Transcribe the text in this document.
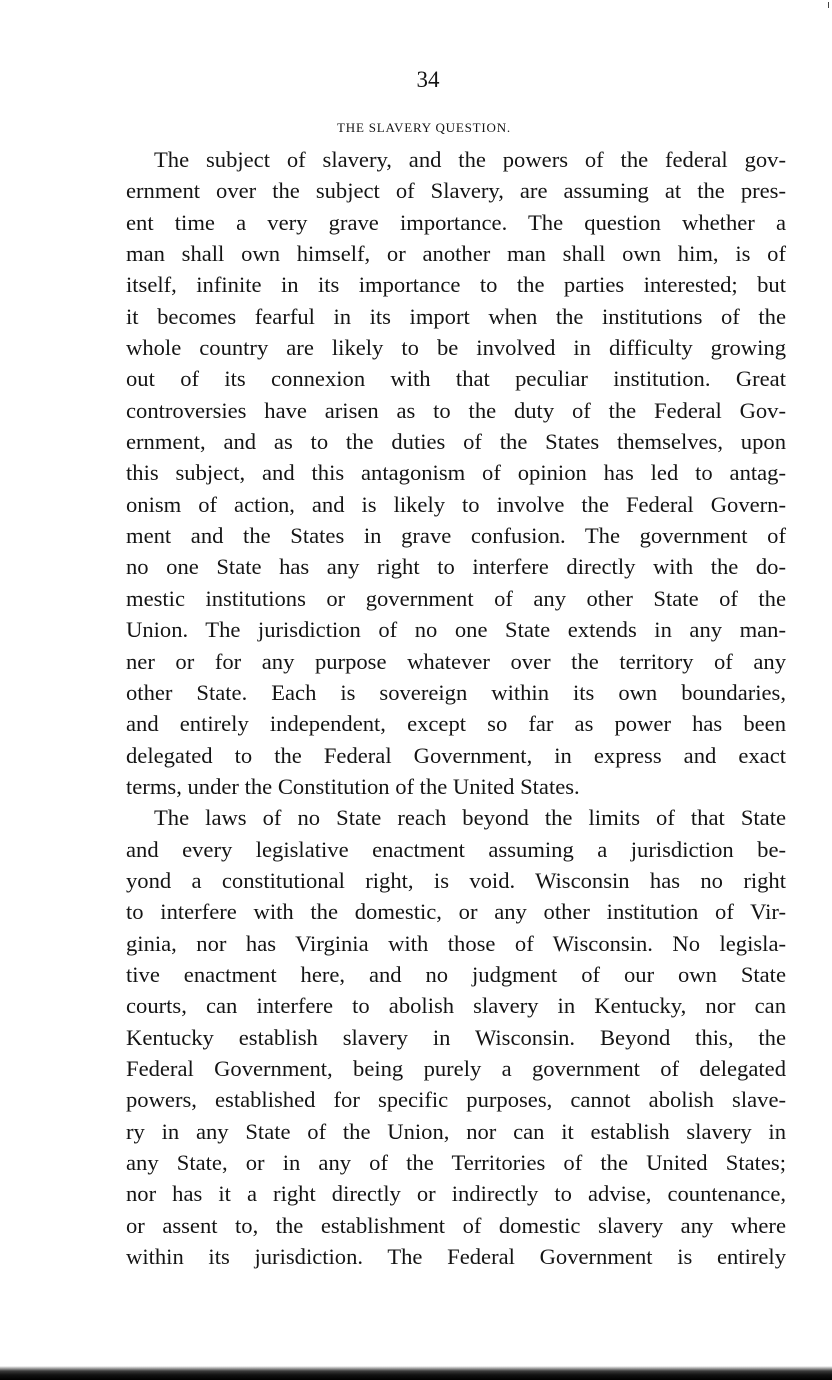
34
THE SLAVERY QUESTION.
The subject of slavery, and the powers of the federal gov-
ernment over the subject of Slavery, are assuming at the pres-
ent time a very grave importance. The question whether a
man shall own himself, or another man shall own him, is of
itself, infinite in its importance to the parties interested; but
it becomes fearful in its import when the institutions of the
whole country are likely to be involved in difficulty growing
out of its connexion with that peculiar institution. Great
controversies have arisen as to the duty of the Federal Gov-
ernment, and as to the duties of the States themselves, upon
this subject, and this antagonism of opinion has led to antag-
onism of action, and is likely to involve the Federal Govern-
ment and the States in grave confusion. The government of
no one State has any right to interfere directly with the do-
mestic institutions or government of any other State of the
Union. The jurisdiction of no one State extends in any man-
ner or for any purpose whatever over the territory of any
other State. Each is sovereign within its own boundaries,
and entirely independent, except so far as power has been
delegated to the Federal Government, in express and exact
terms, under the Constitution of the United States.
The laws of no State reach beyond the limits of that State
and every legislative enactment assuming a jurisdiction be-
yond a constitutional right, is void. Wisconsin has no right
to interfere with the domestic, or any other institution of Vir-
ginia, nor has Virginia with those of Wisconsin. No legisla-
tive enactment here, and no judgment of our own State
courts, can interfere to abolish slavery in Kentucky, nor can
Kentucky establish slavery in Wisconsin. Beyond this, the
Federal Government, being purely a government of delegated
powers, established for specific purposes, cannot abolish slave-
ry in any State of the Union, nor can it establish slavery in
any State, or in any of the Territories of the United States;
nor has it a right directly or indirectly to advise, countenance,
or assent to, the establishment of domestic slavery any where
within its jurisdiction. The Federal Government is entirely
